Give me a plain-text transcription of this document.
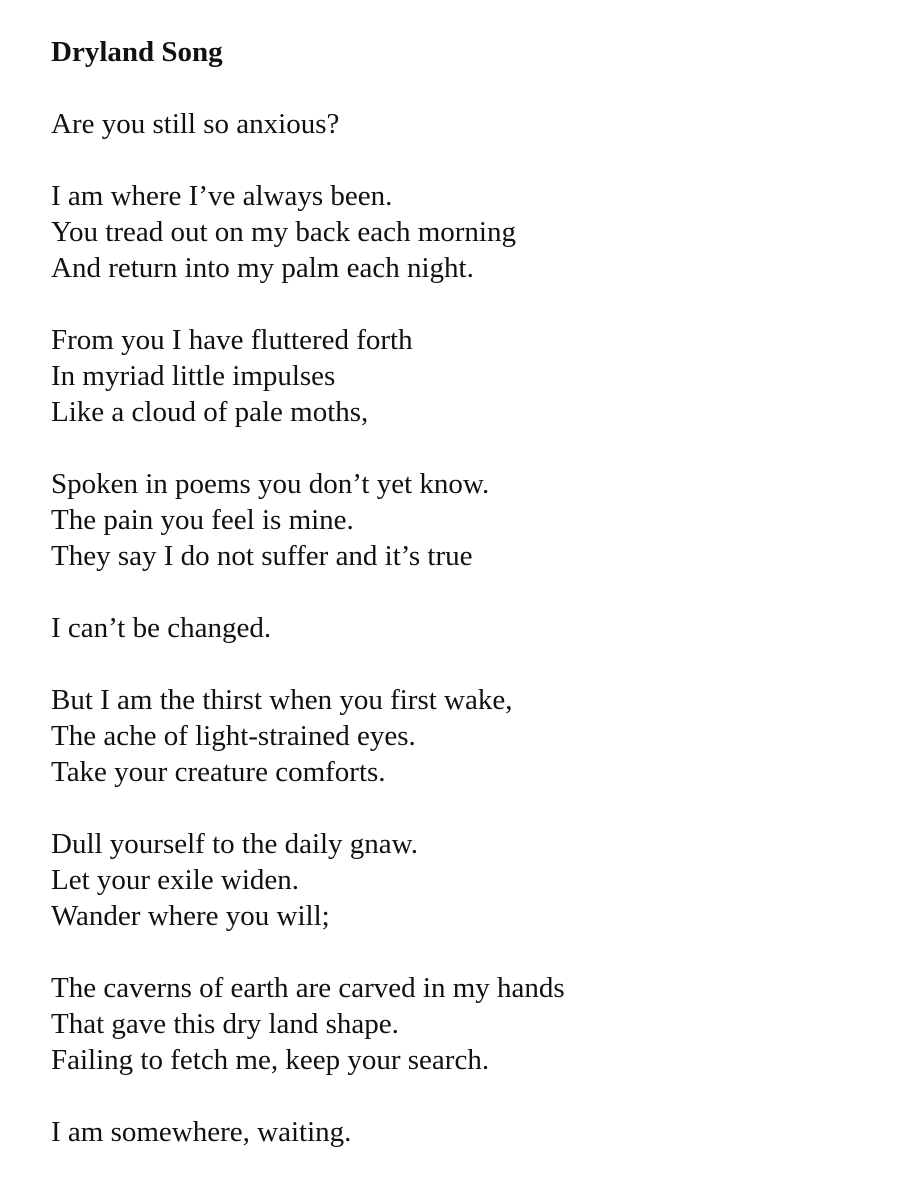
Dryland Song
Are you still so anxious?
I am where I’ve always been.
You tread out on my back each morning
And return into my palm each night.
From you I have fluttered forth
In myriad little impulses
Like a cloud of pale moths,
Spoken in poems you don’t yet know.
The pain you feel is mine.
They say I do not suffer and it’s true
I can’t be changed.
But I am the thirst when you first wake,
The ache of light-strained eyes.
Take your creature comforts.
Dull yourself to the daily gnaw.
Let your exile widen.
Wander where you will;
The caverns of earth are carved in my hands
That gave this dry land shape.
Failing to fetch me, keep your search.
I am somewhere, waiting.
